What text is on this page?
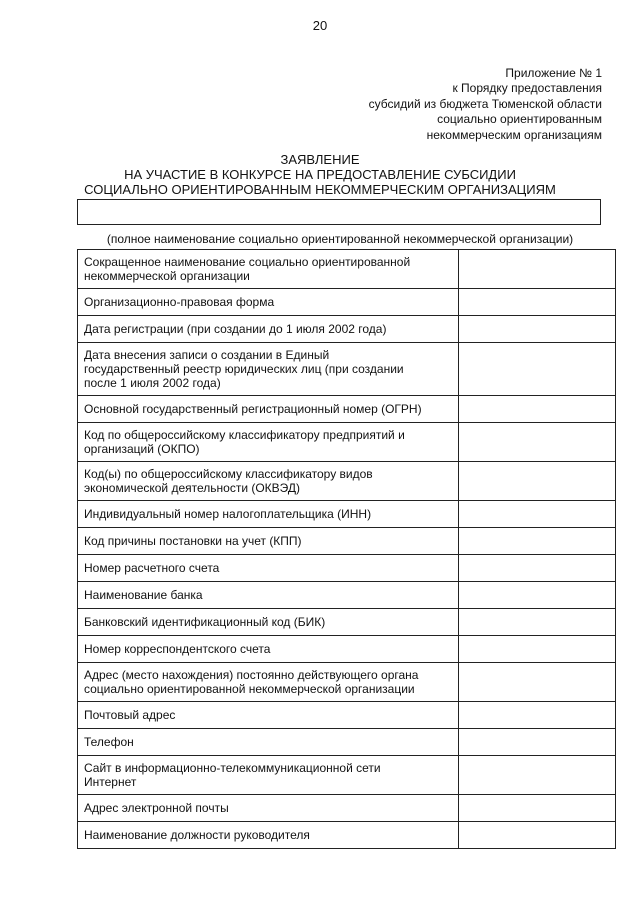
20
Приложение № 1
к Порядку предоставления
субсидий из бюджета Тюменской области
социально ориентированным
некоммерческим организациям
ЗАЯВЛЕНИЕ
НА УЧАСТИЕ В КОНКУРСЕ НА ПРЕДОСТАВЛЕНИЕ СУБСИДИИ
СОЦИАЛЬНО ОРИЕНТИРОВАННЫМ НЕКОММЕРЧЕСКИМ ОРГАНИЗАЦИЯМ
(полное наименование социально ориентированной некоммерческой организации)
Сокращенное наименование социально ориентированной
некоммерческой организации	
Организационно-правовая форма	
Дата регистрации (при создании до 1 июля 2002 года)	
Дата внесения записи о создании в Единый
государственный реестр юридических лиц (при создании
после 1 июля 2002 года)	
Основной государственный регистрационный номер (ОГРН)	
Код по общероссийскому классификатору предприятий и
организаций (ОКПО)	
Код(ы) по общероссийскому классификатору видов
экономической деятельности (ОКВЭД)	
Индивидуальный номер налогоплательщика (ИНН)	
Код причины постановки на учет (КПП)	
Номер расчетного счета	
Наименование банка	
Банковский идентификационный код (БИК)	
Номер корреспондентского счета	
Адрес (место нахождения) постоянно действующего органа
социально ориентированной некоммерческой организации	
Почтовый адрес	
Телефон	
Сайт в информационно-телекоммуникационной сети
Интернет	
Адрес электронной почты	
Наименование должности руководителя	
